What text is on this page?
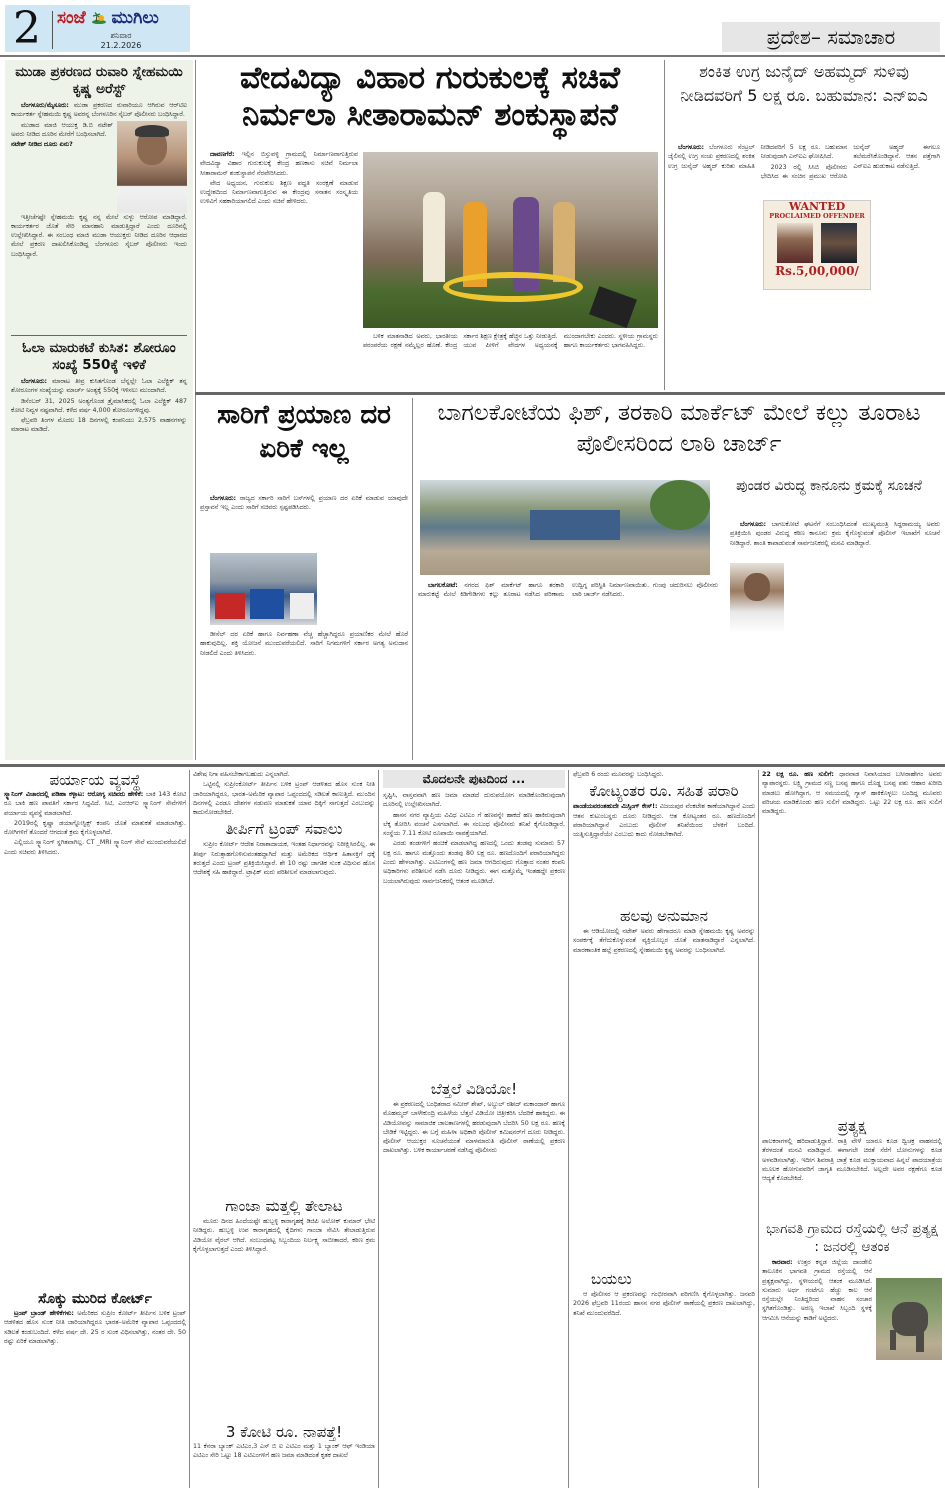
2 ಸಂಜೆ ಮುಗಿಲು
ಶನಿವಾರ
21.2.2026	ಪ್ರದೇಶ– ಸಮಾಚಾರ
ಮುಡಾ ಪ್ರಕರಣದ ರುವಾರಿ ಸ್ನೇಹಮಯಿ ಕೃಷ್ಣ ಅರೆಸ್ಟ್

ಬೆಂಗಳೂರು/ಮೈಸೂರು: ಮುಡಾ ಪ್ರಕರಣದ ರುವಾರಿಯೂ ಆಗಿರುವ ಆರ್‌ಟಿಐ ಕಾರ್ಯಕರ್ತ ಸ್ನೇಹಮಯಿ ಕೃಷ್ಣ ಅವರನ್ನ ಬೆಂಗಳೂರಿನ ಸೈಬರ್ ಪೊಲೀಸರು ಬಂಧಿಸಿದ್ದಾರೆ.

ಮುಡಾದ ಮಾಜಿ ಆಯುಕ್ತ ಡಿ.ಬಿ ನಟೇಶ್ ಅವರು ನೀಡಿದ ದೂರಿನ ಮೇರೆಗೆ ಬಂಧಿಸಲಾಗಿದೆ.

ನಟೇಶ್ ನೀಡಿದ ದೂರು ಏನು?

ಇತ್ತೀಚೆಗಷ್ಟೇ ಸ್ನೇಹಮಯಿ ಕೃಷ್ಣ ನನ್ನ ಮೇಲೆ ಸುಳ್ಳು ಆರೋಪ ಮಾಡಿದ್ದಾರೆ. ಕಾರ್ಯಕರ್ತರ ಜೊತೆ ಸೇರಿ ಮಾನಹಾನಿ ಮಾಡುತ್ತಿದ್ದಾರೆ ಎಂದು ದೂರಿನಲ್ಲಿ ಉಲ್ಲೇಖಿಸಿದ್ದಾರೆ. ಈ ಸಂಬಂಧ ಮಾಜಿ ಮುಡಾ ಆಯುಕ್ತರು ನೀಡಿದ ದೂರಿನ ಆಧಾರದ ಮೇಲೆ ಪ್ರಕರಣ ದಾಖಲಿಸಿಕೊಂಡಿದ್ದ ಬೆಂಗಳೂರು ಸೈಬರ್ ಪೊಲೀಸರು ಇಂದು ಬಂಧಿಸಿದ್ದಾರೆ.

ಓಲಾ ಮಾರುಕಟೆ ಕುಸಿತ: ಶೋರೂಂ ಸಂಖ್ಯೆ 550ಕ್ಕೆ ಇಳಿಕೆ

ಬೆಂಗಳೂರು: ಮಾರಾಟ ತೀವ್ರ ಕುಸಿತಗೊಂಡ ಬೆನ್ನಲ್ಲೇ ಓಲಾ ಎಲೆಕ್ಟ್ರಿಕ್ ತನ್ನ ಶೋರೂಂಗಳ ಸಂಖ್ಯೆಯನ್ನು ಮಾರ್ಚ್ ಅಂತ್ಯಕ್ಕೆ 550ಕ್ಕೆ ಇಳಿಸಲು ಮುಂದಾಗಿದೆ.

ಡಿಸೆಂಬರ್ 31, 2025 ಅಂತ್ಯಗೊಂಡ ತ್ರೈಮಾಸಿಕದಲ್ಲಿ ಓಲಾ ಎಲೆಕ್ಟ್ರಿಕ್ 487 ಕೋಟಿ ನಿವ್ವಳ ನಷ್ಟವಾಗಿದೆ. ಕಳೆದ ವರ್ಷ 4,000 ಶೋರೂಂಗಳಿದ್ದವು.

ಫೆಬ್ರವರಿ ತಿಂಗಳ ಮೊದಲ 18 ದಿನಗಳಲ್ಲಿ ಕಂಪನಿಯು 2,575 ವಾಹನಗಳನ್ನು ಮಾರಾಟ ಮಾಡಿದೆ.

ವೇದವಿದ್ಯಾ ವಿಹಾರ ಗುರುಕುಲಕ್ಕೆ ಸಚಿವೆ ನಿರ್ಮಲಾ ಸೀತಾರಾಮನ್ ಶಂಕುಸ್ಥಾಪನೆ

ದಾವಣಗೆರೆ: ಇಲ್ಲಿನ ಬಿಸ್ತುವಳ್ಳಿ ಗ್ರಾಮದಲ್ಲಿ ನಿರ್ಮಾಣವಾಗುತ್ತಿರುವ ವೇದವಿದ್ಯಾ ವಿಹಾರ ಗುರುಕುಲಕ್ಕೆ ಕೇಂದ್ರ ಹಣಕಾಸು ಸಚಿವೆ ನಿರ್ಮಲಾ ಸೀತಾರಾಮನ್ ಶಂಕುಸ್ಥಾಪನೆ ನೆರವೇರಿಸಿದರು.

ವೇದ ಅಧ್ಯಯನ, ಗುರುಕುಲ ಶಿಕ್ಷಣ ಪದ್ಧತಿ ಸಂರಕ್ಷಣೆ ಮಾಡುವ ಉದ್ದೇಶದಿಂದ ನಿರ್ಮಾಣವಾಗುತ್ತಿರುವ ಈ ಕೇಂದ್ರವು ಸನಾತನ ಸಂಸ್ಕೃತಿಯ ಉಳಿವಿಗೆ ಸಹಕಾರಿಯಾಗಲಿದೆ ಎಂದು ಸಚಿವೆ ಹೇಳಿದರು.

ಬಳಿಕ ಮಾತನಾಡಿದ ಅವರು, ಭಾರತೀಯ ಪರಂಪರೆಯ ರಕ್ಷಣೆ ನಮ್ಮೆಲ್ಲರ ಹೊಣೆ. ಕೇಂದ್ರ ಸರ್ಕಾರ ಶಿಕ್ಷಣ ಕ್ಷೇತ್ರಕ್ಕೆ ಹೆಚ್ಚಿನ ಒತ್ತು ನೀಡುತ್ತಿದೆ. ಯುವ ಪೀಳಿಗೆ ವೇದಗಳ ಅಧ್ಯಯನಕ್ಕೆ ಮುಂದಾಗಬೇಕು ಎಂದರು. ಸ್ಥಳೀಯ ಗ್ರಾಮಸ್ಥರು ಹಾಗೂ ಕಾರ್ಯಕರ್ತರು ಭಾಗವಹಿಸಿದ್ದರು.

ಶಂಕಿತ ಉಗ್ರ ಜುನೈದ್ ಅಹಮ್ಮದ್ ಸುಳಿವು ನೀಡಿದವರಿಗೆ 5 ಲಕ್ಷ ರೂ. ಬಹುಮಾನ: ಎನ್‌ಐಎ

ಬೆಂಗಳೂರು: ಬೆಂಗಳೂರು ಸೆಂಟ್ರಲ್ ಜೈಲಿನಲ್ಲಿ ಉಗ್ರ ಸಂಚು ಪ್ರಕರಣದಲ್ಲಿ ಶಂಕಿತ ಉಗ್ರ ಜುನೈದ್ ಅಹ್ಮದ್ ಕುರಿತು ಮಾಹಿತಿ ನೀಡಿದವರಿಗೆ 5 ಲಕ್ಷ ರೂ. ಬಹುಮಾನ ನೀಡುವುದಾಗಿ ಎನ್‌ಐಎ ಘೋಷಿಸಿದೆ.

2023 ರಲ್ಲಿ ಸಿಸಿಬಿ ಪೊಲೀಸರು ಭೇದಿಸಿದ ಈ ಸಂಚಿನ ಪ್ರಮುಖ ಆರೋಪಿ ಜುನೈದ್ ಅಹ್ಮದ್ ಈಗಲೂ ತಲೆಮರೆಸಿಕೊಂಡಿದ್ದಾನೆ. ಆತನ ಪತ್ತೆಗಾಗಿ ಎನ್‌ಐಎ ಹುಡುಕಾಟ ನಡೆಸುತ್ತಿದೆ.

WANTED
PROCLAIMED OFFENDER
Rs.5,00,000/
ಸಾರಿಗೆ ಪ್ರಯಾಣ ದರ ಏರಿಕೆ ಇಲ್ಲ

ಬೆಂಗಳೂರು: ರಾಜ್ಯದ ಸರ್ಕಾರಿ ಸಾರಿಗೆ ಬಸ್‌ಗಳಲ್ಲಿ ಪ್ರಯಾಣ ದರ ಏರಿಕೆ ಮಾಡುವ ಯಾವುದೇ ಪ್ರಸ್ತಾವನೆ ಇಲ್ಲ ಎಂದು ಸಾರಿಗೆ ಸಚಿವರು ಸ್ಪಷ್ಟಪಡಿಸಿದರು.

ಡೀಸೆಲ್ ದರ ಏರಿಕೆ ಹಾಗೂ ನಿರ್ವಹಣಾ ವೆಚ್ಚ ಹೆಚ್ಚಾಗಿದ್ದರೂ ಪ್ರಯಾಣಿಕರ ಮೇಲೆ ಹೊರೆ ಹಾಕುವುದಿಲ್ಲ. ಶಕ್ತಿ ಯೋಜನೆ ಮುಂದುವರೆಯಲಿದೆ. ಸಾರಿಗೆ ನಿಗಮಗಳಿಗೆ ಸರ್ಕಾರ ಅಗತ್ಯ ಅನುದಾನ ನೀಡಲಿದೆ ಎಂದು ತಿಳಿಸಿದರು.

ಬಾಗಲಕೋಟೆಯ ಫಿಶ್, ತರಕಾರಿ ಮಾರ್ಕೆಟ್ ಮೇಲೆ ಕಲ್ಲು ತೂರಾಟ ಪೊಲೀಸರಿಂದ ಲಾಠಿ ಚಾರ್ಜ್
ಪುಂಡರ ವಿರುದ್ಧ ಕಾನೂನು ಕ್ರಮಕ್ಕೆ ಸೂಚನೆ

ಬಾಗಲಕೋಟೆ: ನಗರದ ಫಿಶ್ ಮಾರ್ಕೆಟ್ ಹಾಗೂ ತರಕಾರಿ ಮಾರುಕಟ್ಟೆ ಮೇಲೆ ಕಿಡಿಗೇಡಿಗಳು ಕಲ್ಲು ತೂರಾಟ ನಡೆಸಿದ ಪರಿಣಾಮ ಉದ್ವಿಗ್ನ ಪರಿಸ್ಥಿತಿ ನಿರ್ಮಾಣವಾಯಿತು. ಗುಂಪು ಚದುರಿಸಲು ಪೊಲೀಸರು ಲಾಠಿ ಚಾರ್ಜ್ ನಡೆಸಿದರು.

ಬೆಂಗಳೂರು: ಬಾಗಲಕೋಟೆ ಘಟನೆಗೆ ಸಂಬಂಧಿಸಿದಂತೆ ಮುಖ್ಯಮಂತ್ರಿ ಸಿದ್ದರಾಮಯ್ಯ ಅವರು ಪ್ರತಿಕ್ರಿಯಿಸಿ ಪುಂಡರ ವಿರುದ್ಧ ಕಠಿಣ ಕಾನೂನು ಕ್ರಮ ಕೈಗೊಳ್ಳುವಂತೆ ಪೊಲೀಸ್ ಇಲಾಖೆಗೆ ಸೂಚನೆ ನೀಡಿದ್ದಾರೆ. ಶಾಂತಿ ಕಾಪಾಡುವಂತೆ ಸಾರ್ವಜನಿಕರಲ್ಲಿ ಮನವಿ ಮಾಡಿದ್ದಾರೆ.

ಪರ್ಯಾಯ ವ್ಯವಸ್ಥೆ

ಸ್ಕ್ಯಾನಿಂಗ್ ವಿಚಾರದಲ್ಲಿ ಪಡಿಹಾ ಕಳ್ಳಾಟ: ಆರೋಗ್ಯ ಸಚಿವರು ಹೇಳಿಕೆ: ಬಾಕಿ 143 ಕೋಟಿ ರೂ ಬಾಕಿ ಹಣ ಪಾವತಿಗೆ ಸರ್ಕಾರ ಸಿದ್ಧವಿದೆ. ಸಿಟಿ, ಎಂಆರ್‌ಐ ಸ್ಕ್ಯಾನಿಂಗ್ ಸೇವೆಗಳಿಗೆ ಪರ್ಯಾಯ ವ್ಯವಸ್ಥೆ ಮಾಡಲಾಗಿದೆ.

2019ರಲ್ಲಿ ಕೃಷ್ಣಾ ಡಯಾಗ್ನೋಸ್ಟಿಕ್ಸ್ ಕಂಪನಿ ಜೊತೆ ಮಾತುಕತೆ ಮಾಡಲಾಗಿತ್ತು. ರೋಗಿಗಳಿಗೆ ತೊಂದರೆ ಆಗದಂತೆ ಕ್ರಮ ಕೈಗೊಳ್ಳಲಾಗಿದೆ.

ಎಲ್ಲಿಯೂ ಸ್ಕ್ಯಾನಿಂಗ್ ಸ್ಥಗಿತವಾಗಿಲ್ಲ. CT _MRI ಸ್ಕ್ಯಾನಿಂಗ್ ಸೇವೆ ಮುಂದುವರೆಯಲಿದೆ ಎಂದು ಸಚಿವರು ತಿಳಿಸಿದರು.

ಸೊಕ್ಕು ಮುರಿದ ಕೋರ್ಟ್

ಟ್ರಂಪ್ ಬ್ರಾಂಡ್ ಹೇಳಿಕೆಗಳು: ಅಮೆರಿಕದ ಸುಪ್ರೀಂ ಕೋರ್ಟ್ ತೀರ್ಪಿನ ಬಳಿಕ ಟ್ರಂಪ್ ಆಡಳಿತದ ಹೊಸ ಸುಂಕ ನೀತಿ ಜಾರಿಯಾಗಿದ್ದರೂ ಭಾರತ–ಅಮೆರಿಕ ವ್ಯಾಪಾರ ಒಪ್ಪಂದದಲ್ಲಿ ಸಡಿಲತೆ ಕಂಡುಬಂದಿದೆ. ಕಳೆದ ವರ್ಷ ದೇ. 25 ರ ಸುಂಕ ವಿಧಿಸಲಾಗಿತ್ತು, ನಂತರ ದೇ. 50 ರಷ್ಟು ಏರಿಕೆ ಮಾಡಲಾಗಿತ್ತು.

ವಿಶೇಷ ನಿಗಾ ವಹಿಸಬೇಕಾಗಬಹುದು ಎನ್ನಲಾಗಿದೆ.

ಒಟ್ಟಿನಲ್ಲಿ ಸುಪ್ರೀಂಕೋರ್ಟ್ ತೀರ್ಪಿನ ಬಳಿಕ ಟ್ರಂಪ್ ಆಡಳಿತದ ಹೊಸ ಸುಂಕ ನೀತಿ ಜಾರಿಯಾಗಿದ್ದರೂ, ಭಾರತ–ಅಮೆರಿಕ ವ್ಯಾಪಾರ ಒಪ್ಪಂದದಲ್ಲಿ ಸಡಿಲತೆ ಕಾಣುತ್ತಿದೆ. ಮುಂದಿನ ದಿನಗಳಲ್ಲಿ ಎರಡೂ ದೇಶಗಳ ನಡುವಣ ಮಾತುಕತೆ ಯಾವ ದಿಕ್ಕಿಗೆ ಸಾಗುತ್ತದೆ ಎಂಬುದನ್ನು ಕಾದುನೋಡಬೇಕಿದೆ.

ತೀರ್ಪಿಗೆ ಟ್ರಂಪ್ ಸವಾಲು

ಸುಪ್ರೀಂ ಕೋರ್ಟ್ ಆದೇಶ ನಿರಾಶಾದಾಯಕ, ಇಂತಹ ನಿರ್ಧಾರವನ್ನು ನಿರೀಕ್ಷಿಸಿರಲಿಲ್ಲ. ಈ ತೀರ್ಪು ನಿರುತ್ಸಾಹಗೊಳಿಸುವಂತಹದ್ದಾಗಿದೆ ಮತ್ತು ಅಮೆರಿಕದ ಆರ್ಥಿಕ ಹಿತಾಸಕ್ತಿಗೆ ಧಕ್ಕೆ ತರುತ್ತದೆ ಎಂದು ಟ್ರಂಪ್ ಪ್ರತಿಕ್ರಿಯಿಸಿದ್ದಾರೆ. ಶೇ 10 ರಷ್ಟು ಜಾಗತಿಕ ಸುಂಕ ವಿಧಿಸುವ ಹೊಸ ಆದೇಶಕ್ಕೆ ಸಹಿ ಹಾಕಿದ್ದಾರೆ. ಟ್ರಾಫಿಕ್ ಮರು ಪರಿಶೀಲನೆ ಮಾಡಲಾಗುವುದು.

ಗಾಂಜಾ ಮತ್ತಲ್ಲಿ ತೇಲಾಟ

ಮೂರು ದಿನದ ಹಿಂದೆಯಷ್ಟೇ ಹುಬ್ಬಳ್ಳಿ ಕಾರಾಗೃಹಕ್ಕೆ ಡಿಜಿಪಿ ಅಲೋಕ್ ಕುಮಾರ್ ಭೇಟಿ ನೀಡಿದ್ದರು. ಹುಬ್ಬಳ್ಳಿ ಉಪ ಕಾರಾಗೃಹದಲ್ಲಿ ಕೈದಿಗಳು ಗಾಂಜಾ ಸೇವಿಸಿ ತೇಲಾಡುತ್ತಿರುವ ವಿಡಿಯೋ ವೈರಲ್ ಆಗಿದೆ. ಸಂಬಂಧಪಟ್ಟ ಸಿಬ್ಬಂದಿಯ ನಿರ್ಲಕ್ಷ್ಯ ಸಾಬೀತಾದರೆ, ಕಠಿಣ ಕ್ರಮ ಕೈಗೊಳ್ಳಲಾಗುತ್ತದೆ ಎಂದು ತಿಳಿಸಿದ್ದಾರೆ.

3 ಕೋಟಿ ರೂ. ನಾಪತ್ತೆ!

11 ಕೆನರಾ ಬ್ಯಾಂಕ್ ಎಟಿಎಂ,3 ಎಸ್ ಬಿ ಐ ಎಟಿಎಂ ಮತ್ತು 1 ಬ್ಯಾಂಕ್ ಆಫ್ ಇಂಡಿಯಾ ಎಟಿಎಂ ಸೇರಿ ಒಟ್ಟು 18 ಎಟಿಎಂಗಳಿಗೆ ಹಣ ಜಮಾ ಮಾಡಿದಂತೆ ಕೃತಕ ದಾಖಲೆ

ಮೊದಲನೇ ಪುಟದಿಂದ ...

ಸೃಷ್ಟಿಸಿ, ವಾಸ್ತವವಾಗಿ ಹಣ ಜಮಾ ಮಾಡದೆ ದುರುಪಯೋಗ ಮಾಡಿಕೊಂಡಿರುವುದಾಗಿ ದೂರಿನಲ್ಲಿ ಉಲ್ಲೇಖಿಸಲಾಗಿದೆ.

ಹಾಸನ ನಗರ ವ್ಯಾಪ್ತಿಯ ವಿವಿಧ ಎಟಿಎಂ ಗೆ ಹಣವನ್ನೇ ಹಾಕದೆ ಹಣ ಹಾಕಿರುವುದಾಗಿ ಲೆಕ್ಕ ತೋರಿಸಿ ವಂಚನೆ ಎಸಗಲಾಗಿದೆ. ಈ ಸಂಬಂಧ ಪೊಲೀಸರು ತನಿಖೆ ಕೈಗೊಂಡಿದ್ದಾರೆ. ಸಂಸ್ಥೆಯ 7.11 ಕೋಟಿ ರೂಪಾಯಿ ನಾಪತ್ತೆಯಾಗಿದೆ.

ಎರಡು ತಂಡಗಳಿಗೆ ಹಂಚಿಕೆ ಮಾಡಲಾಗಿದ್ದ ಹಣದಲ್ಲಿ ಒಂದು ತಂಡವು ಸುಮಾರು 57 ಲಕ್ಷ ರೂ. ಹಾಗೂ ಮತ್ತೊಂದು ತಂಡವು 80 ಲಕ್ಷ ರೂ. ಹಣದೊಂದಿಗೆ ಪರಾರಿಯಾಗಿದ್ದರು ಎಂದು ಹೇಳಲಾಗಿತ್ತು. ಎಟಿಎಂಗಳಲ್ಲಿ ಹಣ ಜಮಾ ಆಗದಿರುವುದು ಗೊತ್ತಾದ ನಂತರ ಕಂಪನಿ ಅಧಿಕಾರಿಗಳು ಪರಿಶೀಲನೆ ನಡೆಸಿ ದೂರು ನೀಡಿದ್ದರು. ಈಗ ಮತ್ತೊಮ್ಮೆ ಇಂತಹದ್ದೇ ಪ್ರಕರಣ ಬಯಲಾಗಿರುವುದು ಸಾರ್ವಜನಿಕರಲ್ಲಿ ಆತಂಕ ಮೂಡಿಸಿದೆ.

ಬೆತ್ತಲೆ ವಿಡಿಯೋ!

ಈ ಪ್ರಕರಣದಲ್ಲಿ ಬಂಧಿತರಾದ ಸಮೀರ್ ಶೇಖ್, ಅಬ್ದುಲ್ ರಶೀದ್ ಮಕಾಂದಾರ್ ಹಾಗೂ ಮೊಹಮ್ಮದ್ ಬಾಳೇಕುಂದ್ರಿ ಮಹಿಳೆಯ ಬೆತ್ತಲೆ ವಿಡಿಯೋ ಚಿತ್ರೀಕರಿಸಿ ಬೆದರಿಕೆ ಹಾಕಿದ್ದರು. ಈ ವಿಡಿಯೋವನ್ನು ಸಾಮಾಜಿಕ ಜಾಲತಾಣಗಳಲ್ಲಿ ಹರಡುವುದಾಗಿ ಬೆದರಿಸಿ 50 ಲಕ್ಷ ರೂ. ಹಣಕ್ಕೆ ಬೇಡಿಕೆ ಇಟ್ಟಿದ್ದರು. ಈ ಬಗ್ಗೆ ಮಹಿಳಾ ಅಧಿಕಾರಿ ಪೊಲೀಸ್ ಕಮಿಷನರ್‌ಗೆ ದೂರು ನೀಡಿದ್ದರು. ಪೊಲೀಸ್ ಆಯುಕ್ತರ ಸೂಚನೆಯಂತೆ ಮಾಳಮಾರುತಿ ಪೊಲೀಸ್ ಠಾಣೆಯಲ್ಲಿ ಪ್ರಕರಣ ದಾಖಲಾಗಿತ್ತು. ಬಳಿಕ ಕಾರ್ಯಾಚರಣೆ ನಡೆಸಿದ್ದ ಪೊಲೀಸರು

ಫೆಬ್ರವರಿ 6 ರಂದು ಮೂವರನ್ನು ಬಂಧಿಸಿದ್ದರು.

ಕೋಟ್ಯಂತರ ರೂ. ಸಹಿತ ಪರಾರಿ

ಪಾಂಡೆಯವರಂತಹುದೇ ಮಿಸ್ಸಿಂಗ್ ಕೇಸ್!: ವಿಜಯಪುರ ವೆಂಕಟೇಶ ಕಾಣೆಯಾಗಿದ್ದಾನೆ ಎಂದು ಆತನ ಕುಟುಂಬಸ್ಥರು ದೂರು ನೀಡಿದ್ದರು. ಆತ ಕೋಟ್ಯಂತರ ರೂ. ಹಣದೊಂದಿಗೆ ಪರಾರಿಯಾಗಿದ್ದಾನೆ ಎಂಬುದು ಪೊಲೀಸ್ ತನಿಖೆಯಿಂದ ಬೆಳಕಿಗೆ ಬಂದಿದೆ. ಯತ್ನಿಸುತ್ತಿದ್ದಾರೆಯೇ ಎಂಬುದು ಕಾದು ನೋಡಬೇಕಾಗಿದೆ.

ಹಲವು ಅನುಮಾನ

ಈ ಆಡಿಯೋದಲ್ಲಿ ನಟೇಶ್ ಅವರು ಹೇಗಾದರೂ ಮಾಡಿ ಸ್ನೇಹಮಯಿ ಕೃಷ್ಣ ಅವರನ್ನು ಸಂಪರ್ಕಕ್ಕೆ ತೆಗೆದುಕೊಳ್ಳುವಂತೆ ವ್ಯಕ್ತಿಯೊಬ್ಬರ ಜೊತೆ ಮಾತನಾಡಿದ್ದಾರೆ ಎನ್ನಲಾಗಿದೆ. ಮಾರಣಾಂತಿಕ ಹಲ್ಲೆ ಪ್ರಕರಣದಲ್ಲಿ ಸ್ನೇಹಮಯಿ ಕೃಷ್ಣ ಅವರನ್ನು ಬಂಧಿಸಲಾಗಿದೆ.

ಬಯಲು

ಆ ಪೊಲೀಸರ ಆ ಪ್ರಕರಣವನ್ನು ಗಂಭೀರವಾಗಿ ಪರಿಗಣಿಸಿ ಕೈಗೊಳ್ಳಲಾಗಿತ್ತು. ಜನವರಿ 2026 ಫೆಬ್ರವರಿ 11ರಂದು ಹಾಸನ ನಗರ ಪೊಲೀಸ್ ಠಾಣೆಯಲ್ಲಿ ಪ್ರಕರಣ ದಾಖಲಾಗಿದ್ದು, ತನಿಖೆ ಮುಂದುವರೆದಿದೆ.

22 ಲಕ್ಷ ರೂ. ಹಣ ಸುಲಿಗೆ: ಧಾರವಾಡ ನಿವಾಸಿಯಾದ ಬಸೀರಾಹೇಗಂ ಅವರು ವ್ಯಾಪಾರಸ್ಥರು. ಲಕ್ಷ್ಮಿ ಗ್ರಾಮದ ಸಣ್ಣ ಬಸಪ್ಪ ಹಾಗೂ ದೊಡ್ಡ ಬಸಪ್ಪ ಪಶು ಆಹಾರ ಖರೀದಿ ಮಾಡಲು ಹೋಗಿದ್ದಾಗ, ಆ ಸಮಯದಲ್ಲಿ ಗ್ಯಾಸ್ ಹಾಕಿಕೊಳ್ಳಲು ಬಂದಿದ್ದ ಮೂವರು ಪರಿಚಯ ಮಾಡಿಕೊಂಡು ಹಣ ಸುಲಿಗೆ ಮಾಡಿದ್ದರು. ಒಟ್ಟು 22 ಲಕ್ಷ ರೂ. ಹಣ ಸುಲಿಗೆ ಮಾಡಿದ್ದರು.

ಪ್ರತ್ಯಕ್ಷ

ಪಾಲಕರಾಗಳಲ್ಲಿ ಹರಿದಾಡುತ್ತಿದ್ದಾರೆ. ರಾತ್ರಿ ವೇಳೆ ಯಾರೂ ಕೂಡ ದ್ವಿಚಕ್ರ ವಾಹನದಲ್ಲಿ ತೆರಳದಂತೆ ಮನವಿ ಮಾಡಿದ್ದಾರೆ. ಈಗಾಗಲೇ ಚಿರತೆ ಸೆರೆಗೆ ಬೋನುಗಳನ್ನು ಕೂಡ ಅಳವಡಿಸಲಾಗಿತ್ತು. ಇದೀಗ ಶಿವರಾತ್ರಿ ಜಾತ್ರೆ ಕೂಡ ಮುಕ್ತಾಯವಾದ ಹಿನ್ನಲೆ ಪಾದಯಾತ್ರೆಯ ಮೂಲಕ ಹೋಗುವವರಿಗೆ ಜಾಗೃತಿ ಮೂಡಿಸಬೇಕಿದೆ. ಅಲ್ಲದೇ ಅವರ ರಕ್ಷಣೆಗೂ ಕೂಡ ಆದ್ಯತೆ ಕೊಡಬೇಕಿದೆ.

ಭಾಗವತಿ ಗ್ರಾಮದ ರಸ್ತೆಯಲ್ಲಿ ಆನೆ ಪ್ರತ್ಯಕ್ಷ : ಜನರಲ್ಲಿ ಆತಂಕ

ಕಾರವಾರ: ಉತ್ತರ ಕನ್ನಡ ಜಿಲ್ಲೆಯ ದಾಂಡೇಲಿ ತಾಲೂಕಿನ ಭಾಗವತಿ ಗ್ರಾಮದ ರಸ್ತೆಯಲ್ಲಿ ಆನೆ ಪ್ರತ್ಯಕ್ಷವಾಗಿದ್ದು, ಸ್ಥಳೀಯರಲ್ಲಿ ಆತಂಕ ಮೂಡಿಸಿದೆ. ಸುಮಾರು ಅರ್ಧ ಗಂಟೆಗೂ ಹೆಚ್ಚು ಕಾಲ ಆನೆ ರಸ್ತೆಯಲ್ಲೇ ನಿಂತಿದ್ದರಿಂದ ವಾಹನ ಸಂಚಾರ ಸ್ಥಗಿತಗೊಂಡಿತ್ತು. ಅರಣ್ಯ ಇಲಾಖೆ ಸಿಬ್ಬಂದಿ ಸ್ಥಳಕ್ಕೆ ಆಗಮಿಸಿ ಆನೆಯನ್ನು ಕಾಡಿಗೆ ಅಟ್ಟಿದರು.
